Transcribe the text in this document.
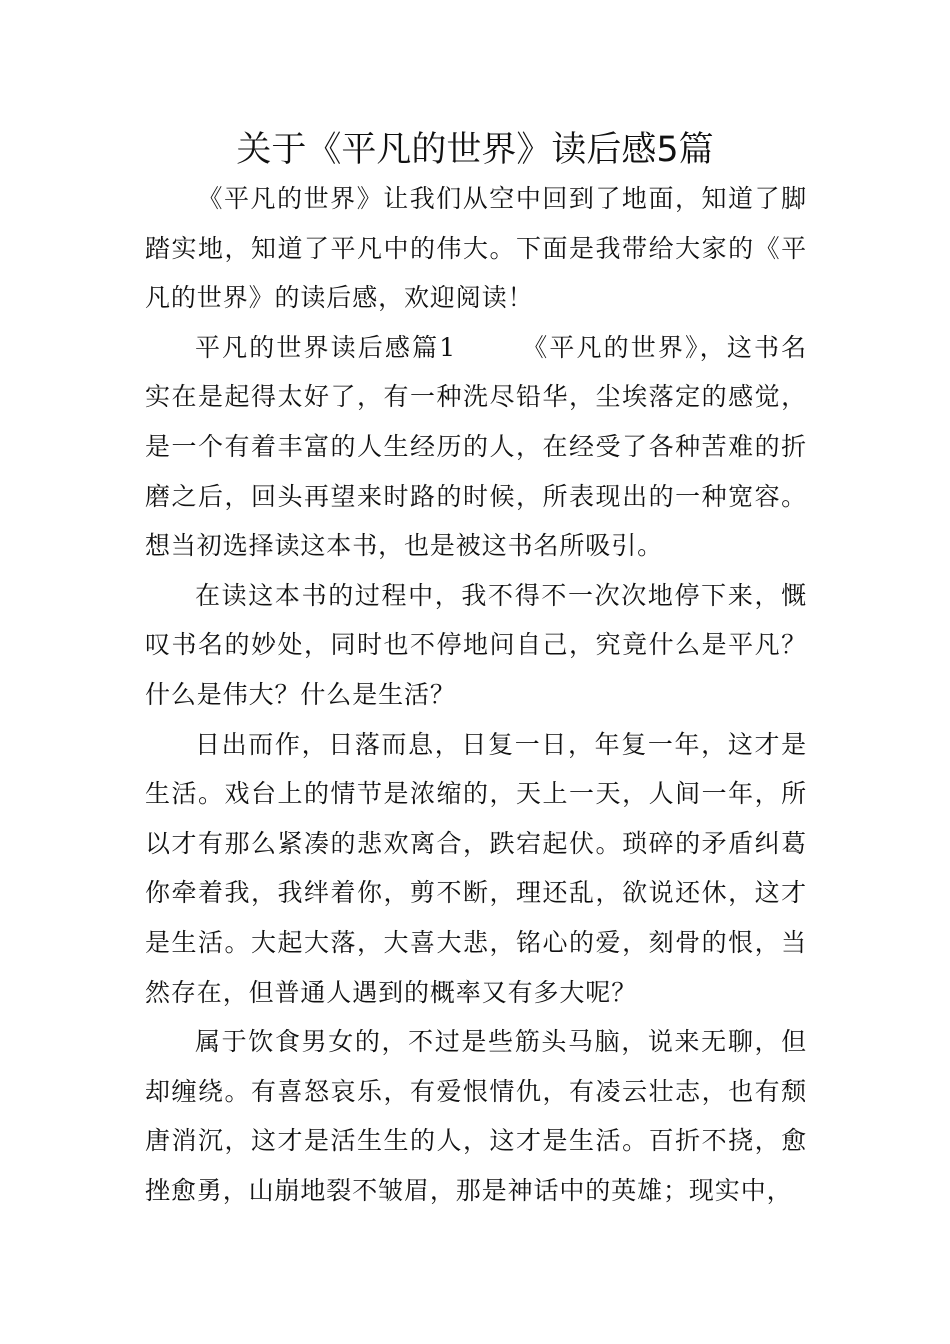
关于《平凡的世界》读后感5篇

《平凡的世界》让我们从空中回到了地面，知道了脚踏实地，知道了平凡中的伟大。下面是我带给大家的《平凡的世界》的读后感，欢迎阅读！

平凡的世界读后感篇1	《平凡的世界》，这书名实在是起得太好了，有一种洗尽铅华，尘埃落定的感觉，是一个有着丰富的人生经历的人，在经受了各种苦难的折磨之后，回头再望来时路的时候，所表现出的一种宽容。想当初选择读这本书，也是被这书名所吸引。

在读这本书的过程中，我不得不一次次地停下来，慨叹书名的妙处，同时也不停地问自己，究竟什么是平凡？什么是伟大？什么是生活？

日出而作，日落而息，日复一日，年复一年，这才是生活。戏台上的情节是浓缩的，天上一天，人间一年，所以才有那么紧凑的悲欢离合，跌宕起伏。琐碎的矛盾纠葛你牵着我，我绊着你，剪不断，理还乱，欲说还休，这才是生活。大起大落，大喜大悲，铭心的爱，刻骨的恨，当然存在，但普通人遇到的概率又有多大呢？

属于饮食男女的，不过是些筋头马脑，说来无聊，但却缠绕。有喜怒哀乐，有爱恨情仇，有凌云壮志，也有颓唐消沉，这才是活生生的人，这才是生活。百折不挠，愈挫愈勇，山崩地裂不皱眉，那是神话中的英雄；现实中，
